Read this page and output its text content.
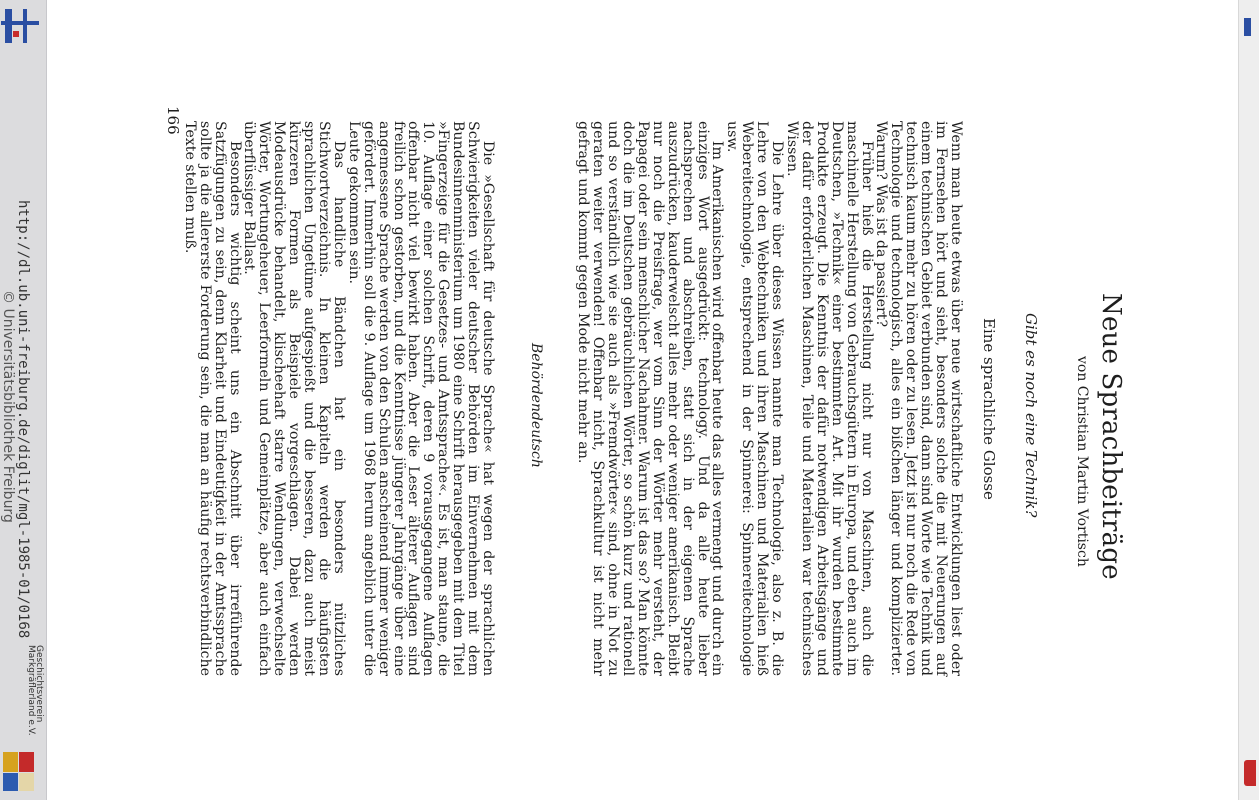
http://dl.ub.uni-freiburg.de/diglit/mgl-1985-01/0168
© Universitätsbibliothek Freiburg
Geschichtsverein
Markgräflerland e.V.
Neue Sprachbeiträge
von Christian Martin Vortisch
Gibt es noch eine Technik?
Eine sprachliche Glosse

Wenn man heute etwas über neue wirtschaftliche Entwicklungen liest oder im Fernsehen hört und sieht, besonders solche die mit Neuerungen auf einem technischen Gebiet verbunden sind, dann sind Worte wie Technik und technisch kaum mehr zu hören oder zu lesen. Jetzt ist nur noch die Rede von Technologie und technologisch, alles ein bißchen länger und komplizierter. Warum? Was ist da passiert?

Früher hieß die Herstellung nicht nur von Maschinen, auch die maschinelle Herstellung von Gebrauchsgütern in Europa, und eben auch im Deutschen, »Technik« einer bestimmten Art. Mit ihr wurden bestimmte Produkte erzeugt. Die Kenntnis der dafür notwendigen Arbeitsgänge und der dafür erforderlichen Maschinen, Teile und Materialien war technisches Wissen.

Die Lehre über dieses Wissen nannte man Technologie, also z. B. die Lehre von den Webtechniken und ihren Maschinen und Materialien hieß Webereitechnologie, entsprechend in der Spinnerei: Spinnereitechnologie usw.

Im Amerikanischen wird offenbar heute das alles vermengt und durch ein einziges Wort ausgedrückt: technology. Und da alle heute lieber nachsprechen und abschreiben, statt sich in der eigenen Sprache auszudrücken, kauderwelscht alles mehr oder weniger amerikanisch. Bleibt nur noch die Preisfrage, wer vom Sinn der Wörter mehr versteht, der Papagei oder sein menschlicher Nachahmer. Warum ist das so? Man könnte doch die im Deutschen gebräuchlichen Wörter, so schön kurz und rationell und so verständlich wie sie auch als »Fremdwörter« sind, ohne in Not zu geraten weiter verwenden! Offenbar nicht, Sprachkultur ist nicht mehr gefragt und kommt gegen Mode nicht mehr an.

Behördendeutsch

Die »Gesellschaft für deutsche Sprache« hat wegen der sprachlichen Schwierigkeiten vieler deutscher Behörden im Einvernehmen mit dem Bundesinnenministerium um 1980 eine Schrift herausgegeben mit dem Titel »Fingerzeige für die Gesetzes- und Amtssprache«. Es ist, man staune, die 10. Auflage einer solchen Schrift, deren 9 vorausgegangene Auflagen offenbar nicht viel bewirkt haben. Aber die Leser älterer Auflagen sind freilich schon gestorben, und die Kenntnisse jüngerer Jahrgänge über eine angemessene Sprache werden von den Schulen anscheinend immer weniger gefördert. Immerhin soll die 9. Auflage um 1968 herum angeblich unter die Leute gekommen sein.

Das handliche Bändchen hat ein besonders nützliches Stichwortverzeichnis. In kleinen Kapiteln werden die häufigsten sprachlichen Ungetüme aufgespießt und die besseren, dazu auch meist kürzeren Formen als Beispiele vorgeschlagen. Dabei werden Modeausdrücke behandelt, klischeehaft starre Wendungen, verwechselte Wörter, Wortungeheuer, Leerformeln und Gemeinplätze, aber auch einfach überflüssiger Ballast.

Besonders wichtig scheint uns ein Abschnitt über irreführende Satzfügungen zu sein, denn Klarheit und Eindeutigkeit in der Amtssprache sollte ja die allererste Forderung sein, die man an häufig rechtsverbindliche Texte stellen muß.

166
